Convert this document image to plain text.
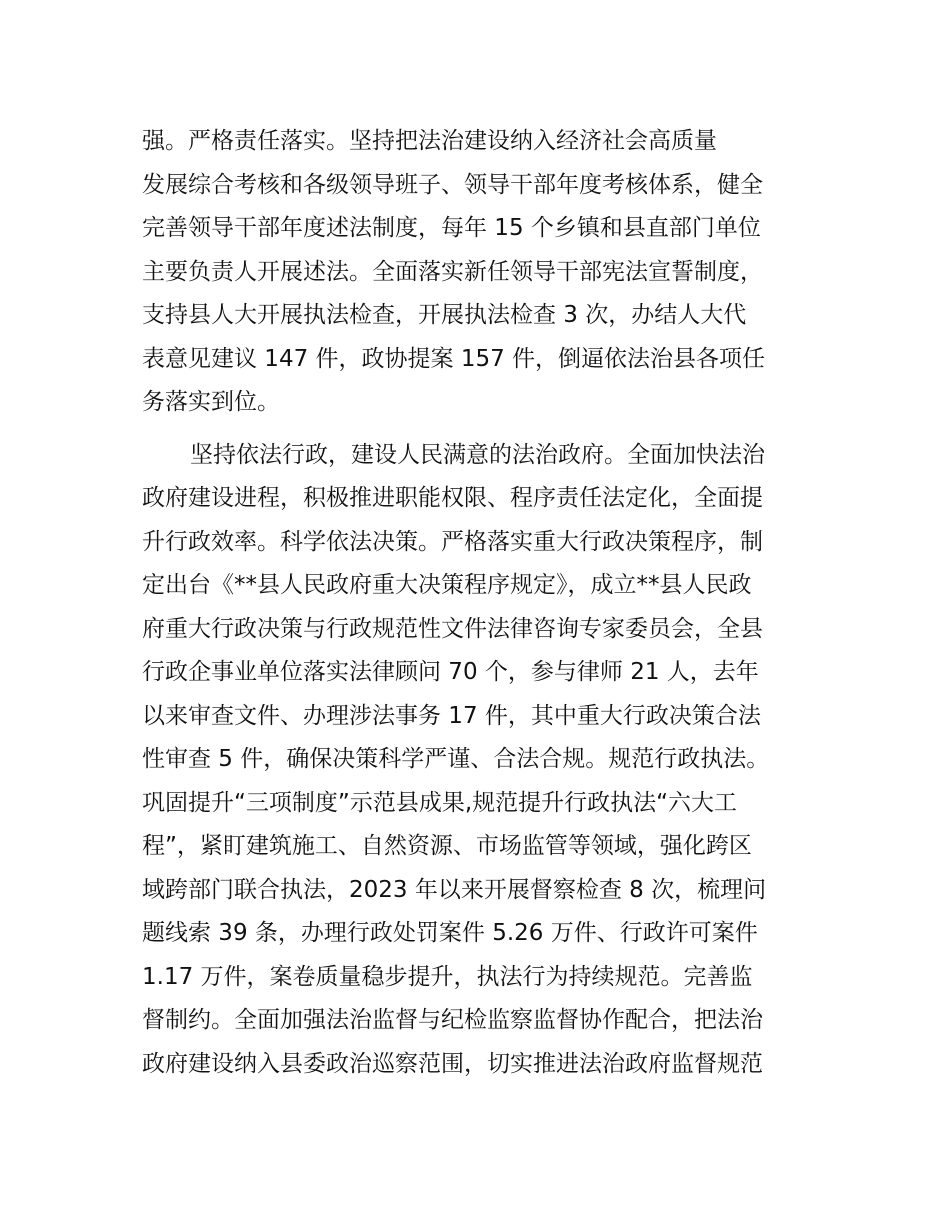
强。严格责任落实。坚持把法治建设纳入经济社会高质量
发展综合考核和各级领导班子、领导干部年度考核体系，健全
完善领导干部年度述法制度，每年 15 个乡镇和县直部门单位
主要负责人开展述法。全面落实新任领导干部宪法宣誓制度，
支持县人大开展执法检查，开展执法检查 3 次，办结人大代
表意见建议 147 件，政协提案 157 件，倒逼依法治县各项任
务落实到位。

坚持依法行政，建设人民满意的法治政府。全面加快法治
政府建设进程，积极推进职能权限、程序责任法定化，全面提
升行政效率。科学依法决策。严格落实重大行政决策程序，制
定出台《**县人民政府重大决策程序规定》，成立**县人民政
府重大行政决策与行政规范性文件法律咨询专家委员会，全县
行政企事业单位落实法律顾问 70 个，参与律师 21 人，去年
以来审查文件、办理涉法事务 17 件，其中重大行政决策合法
性审查 5 件，确保决策科学严谨、合法合规。规范行政执法。
巩固提升“三项制度”示范县成果,规范提升行政执法“六大工
程”，紧盯建筑施工、自然资源、市场监管等领域，强化跨区
域跨部门联合执法，2023 年以来开展督察检查 8 次，梳理问
题线索 39 条，办理行政处罚案件 5.26 万件、行政许可案件
1.17 万件，案卷质量稳步提升，执法行为持续规范。完善监
督制约。全面加强法治监督与纪检监察监督协作配合，把法治
政府建设纳入县委政治巡察范围，切实推进法治政府监督规范
